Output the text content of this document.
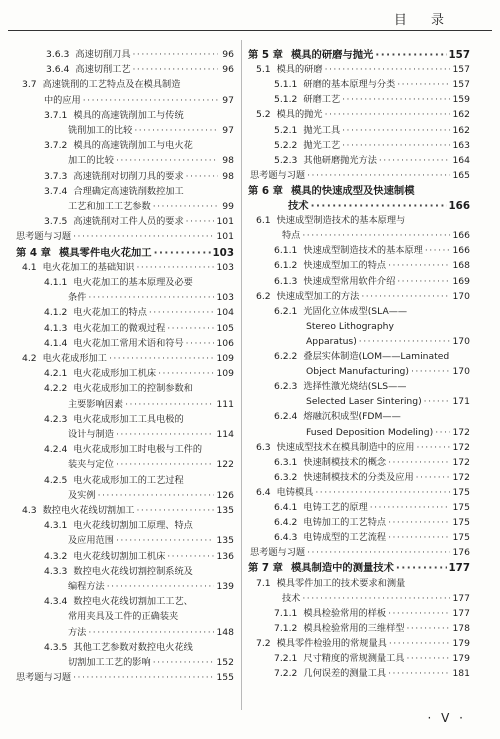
目 录
3.6.3 高速切削刀具 ·····	96
3.6.4 高速切削工艺 ·····	96
3.7 高速铣削的工艺特点及在模具制造
中的应用 ·····	97
3.7.1 模具的高速铣削加工与传统
铣削加工的比较 ·····	97
3.7.2 模具的高速铣削加工与电火花
加工的比较 ·····	98
3.7.3 高速铣削对切削刀具的要求 ·····	98
3.7.4 合理确定高速铣削数控加工
工艺和加工工艺参数 ·····	99
3.7.5 高速铣削对工件人员的要求 ·····	101
思考题与习题 ·····	101
第 4 章 模具零件电火花加工 ·····	103
4.1 电火花加工的基础知识 ·····	103
4.1.1 电火花加工的基本原理及必要
条件 ·····	103
4.1.2 电火花加工的特点 ·····	104
4.1.3 电火花加工的微观过程 ·····	105
4.1.4 电火花加工常用术语和符号 ·····	106
4.2 电火花成形加工 ·····	109
4.2.1 电火花成形加工机床 ·····	109
4.2.2 电火花成形加工的控制参数和
主要影响因素 ·····	111
4.2.3 电火花成形加工工具电极的
设计与制造 ·····	114
4.2.4 电火花成形加工时电极与工件的
装夹与定位 ·····	122
4.2.5 电火花成形加工的工艺过程
及实例 ·····	126
4.3 数控电火花线切割加工 ·····	135
4.3.1 电火花线切割加工原理、特点
及应用范围 ·····	135
4.3.2 电火花线切割加工机床 ·····	136
4.3.3 数控电火花线切割控制系统及
编程方法 ·····	139
4.3.4 数控电火花线切割加工工艺、
常用夹具及工件的正确装夹
方法 ·····	148
4.3.5 其他工艺参数对数控电火花线
切割加工工艺的影响 ·····	152
思考题与习题 ·····	155
第 5 章 模具的研磨与抛光 ·····	157
5.1 模具的研磨 ·····	157
5.1.1 研磨的基本原理与分类 ·····	157
5.1.2 研磨工艺 ·····	159
5.2 模具的抛光 ·····	162
5.2.1 抛光工具 ·····	162
5.2.2 抛光工艺 ·····	163
5.2.3 其他研磨抛光方法 ·····	164
思考题与习题 ·····	165
第 6 章 模具的快速成型及快速制模
技术 ·····	166
6.1 快速成型制造技术的基本原理与
特点 ·····	166
6.1.1 快速成型制造技术的基本原理 ·····	166
6.1.2 快速成型加工的特点 ·····	168
6.1.3 快速成型常用软件介绍 ·····	169
6.2 快速成型加工的方法 ·····	170
6.2.1 光固化立体成型(SLA——
Stereo Lithography
Apparatus) ·····	170
6.2.2 叠层实体制造(LOM——Laminated
Object Manufacturing) ·····	170
6.2.3 选择性激光烧结(SLS——
Selected Laser Sintering) ·····	171
6.2.4 熔融沉积成型(FDM——
Fused Deposition Modeling) ····· 172
6.3 快速成型技术在模具制造中的应用 ·····	172
6.3.1 快速制模技术的概念 ·····	172
6.3.2 快速制模技术的分类及应用 ·····	172
6.4 电铸模具 ·····	175
6.4.1 电铸工艺的原理 ·····	175
6.4.2 电铸加工的工艺特点 ·····	175
6.4.3 电铸成型的工艺流程 ·····	175
思考题与习题 ·····	176
第 7 章 模具制造中的测量技术 ·····	177
7.1 模具零件加工的技术要求和测量
技术 ·····	177
7.1.1 模具检验常用的样板 ·····	177
7.1.2 模具检验常用的三维样型 ·····	178
7.2 模具零件检验用的常规量具 ·····	179
7.2.1 尺寸精度的常规测量工具 ·····	179
7.2.2 几何误差的测量工具 ·····	181
· V ·
